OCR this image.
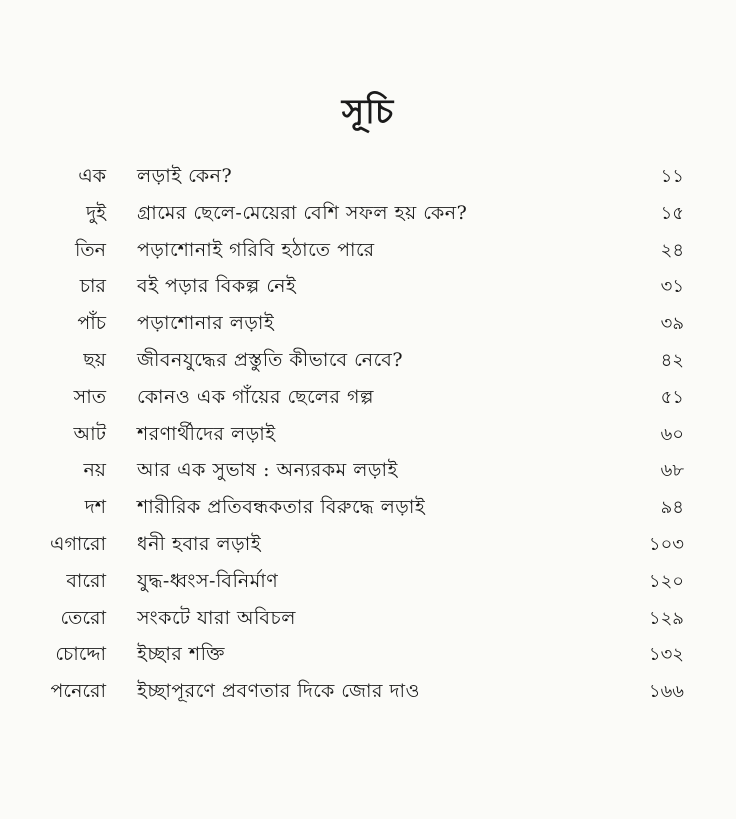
সূচি
এক লড়াই কেন?	১১
দুই গ্রামের ছেলে-মেয়েরা বেশি সফল হয় কেন?	১৫
তিন পড়াশোনাই গরিবি হঠাতে পারে	২৪
চার বই পড়ার বিকল্প নেই	৩১
পাঁচ পড়াশোনার লড়াই	৩৯
ছয় জীবনযুদ্ধের প্রস্তুতি কীভাবে নেবে?	৪২
সাত কোনও এক গাঁয়ের ছেলের গল্প	৫১
আট শরণার্থীদের লড়াই	৬০
নয় আর এক সুভাষ : অন্যরকম লড়াই	৬৮
দশ শারীরিক প্রতিবন্ধকতার বিরুদ্ধে লড়াই	৯৪
এগারো ধনী হবার লড়াই	১০৩
বারো যুদ্ধ-ধ্বংস-বিনির্মাণ	১২০
তেরো সংকটে যারা অবিচল	১২৯
চোদ্দো ইচ্ছার শক্তি	১৩২
পনেরো ইচ্ছাপূরণে প্রবণতার দিকে জোর দাও	১৬৬
